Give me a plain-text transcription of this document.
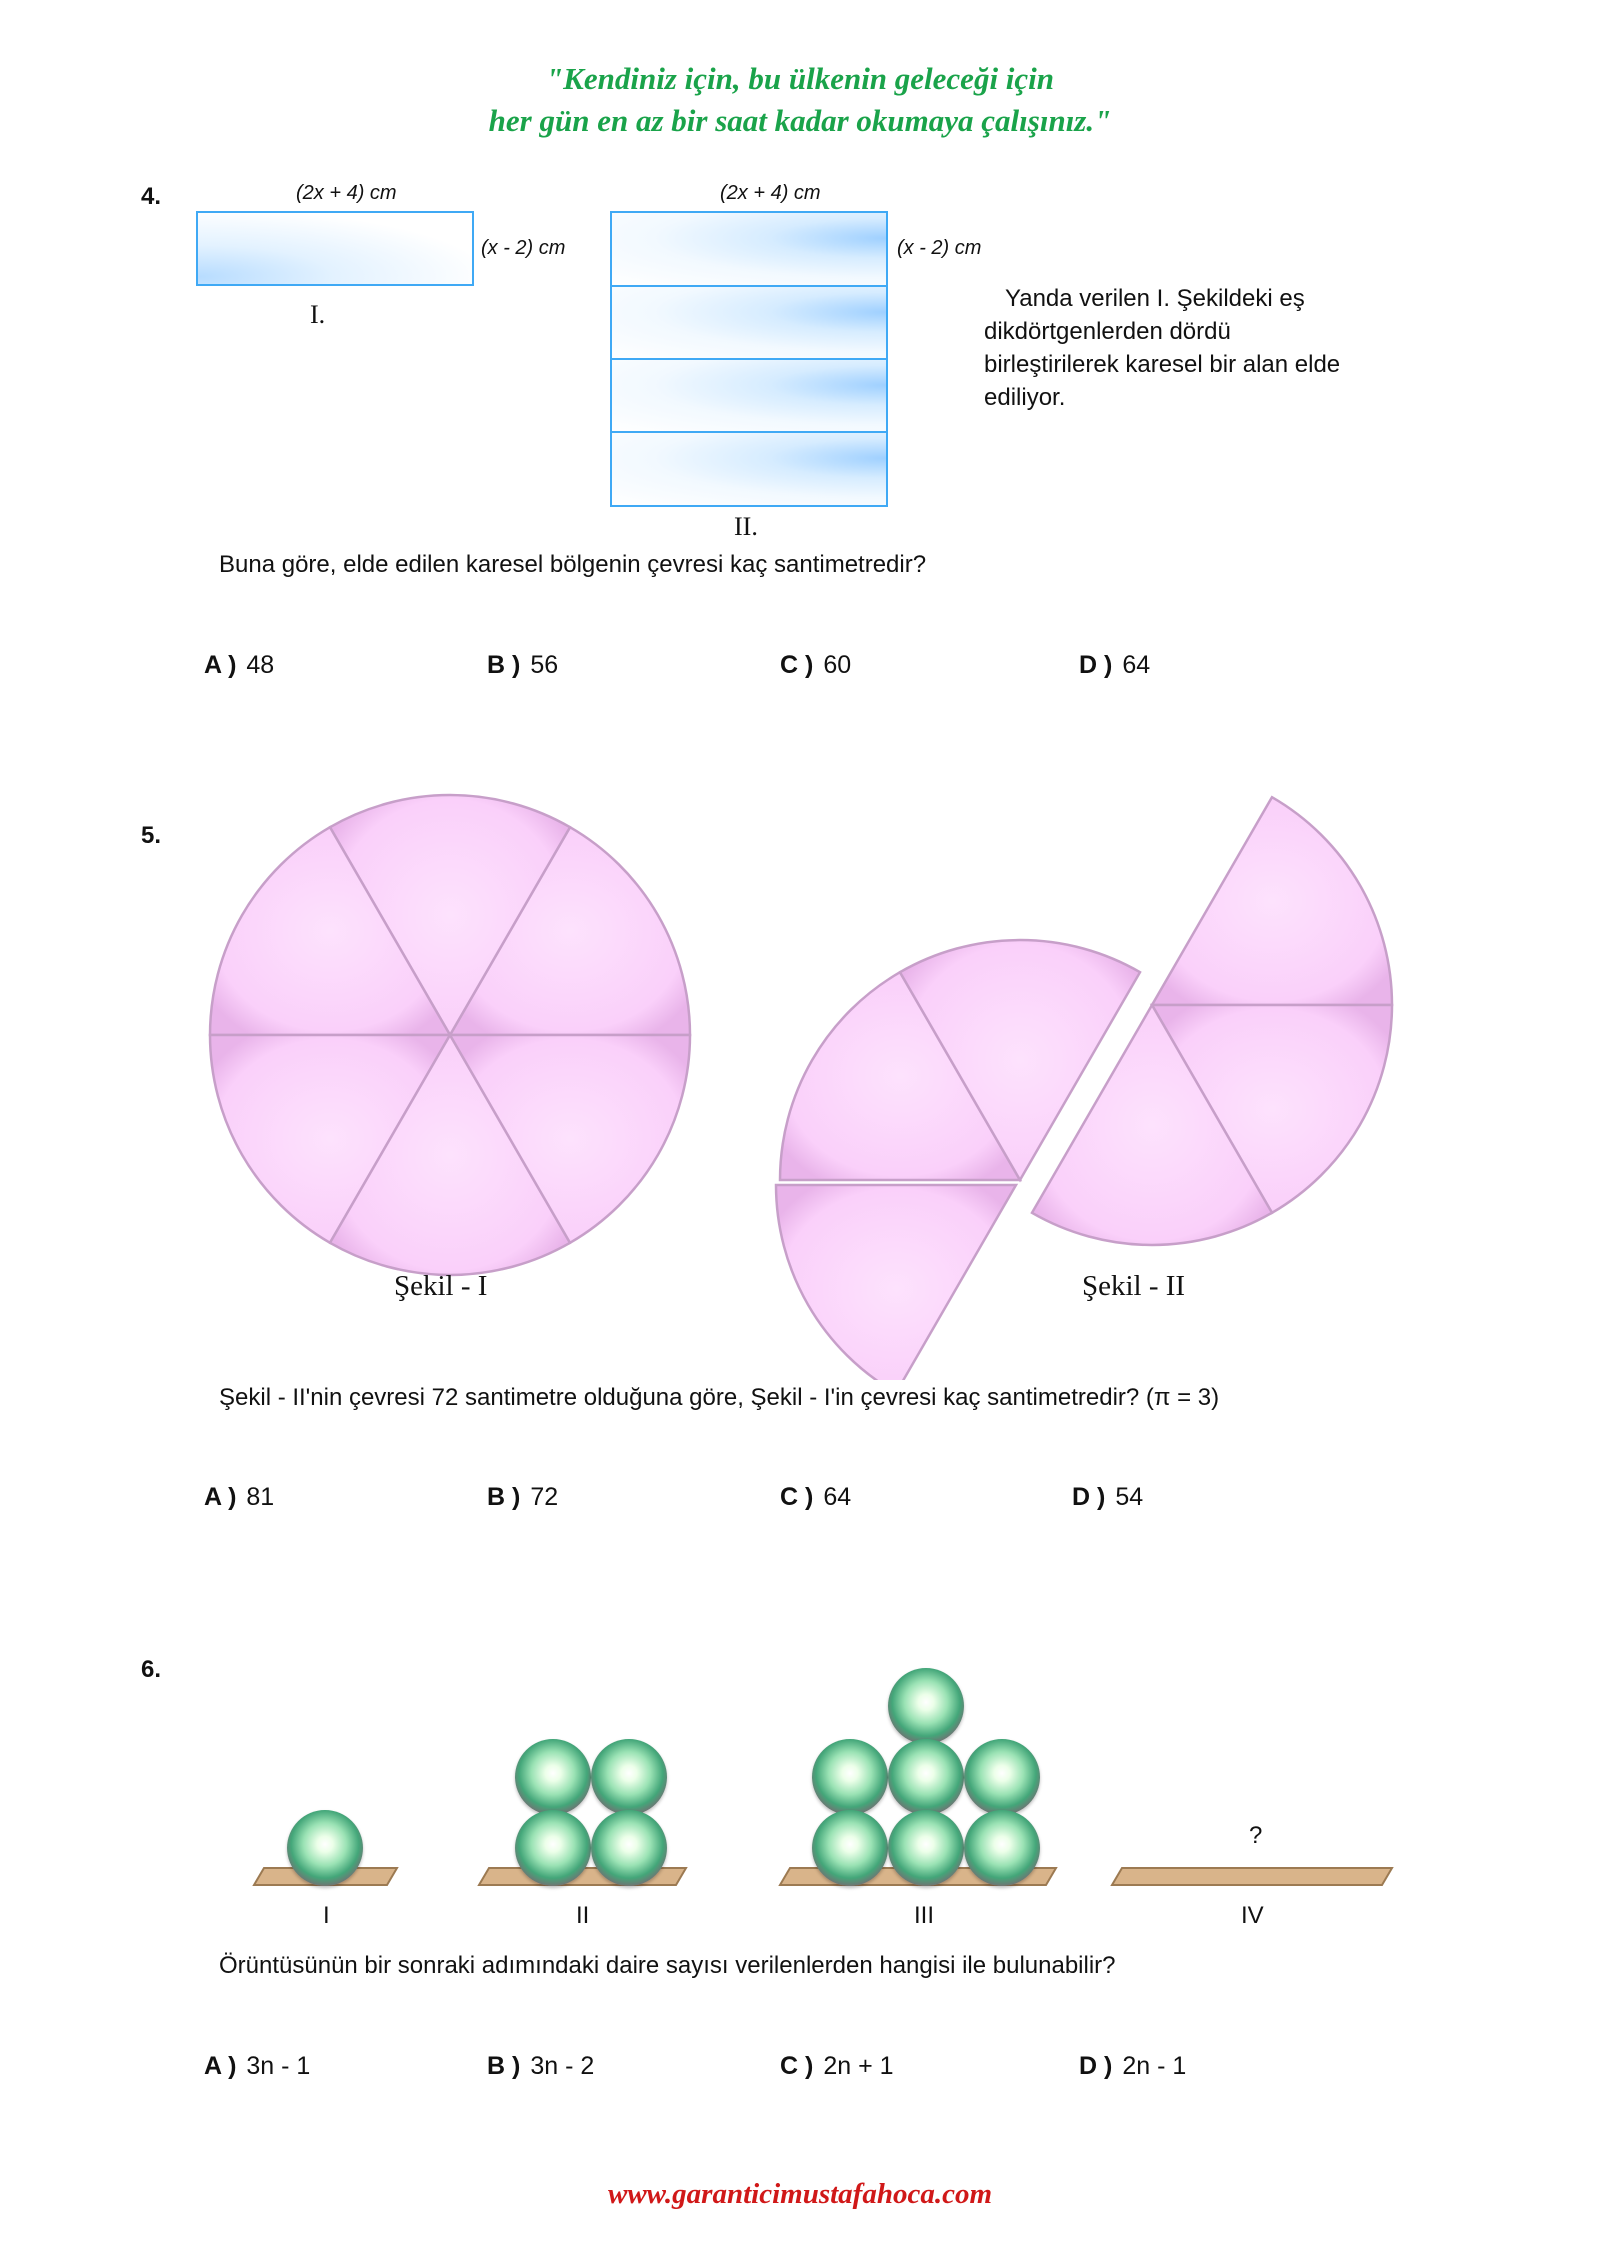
"Kendiniz için, bu ülkenin geleceği için
her gün en az bir saat kadar okumaya çalışınız."
4.	(2x + 4) cm
(x - 2) cm
I.
(2x + 4) cm
(x - 2) cm
II.
Yanda verilen I. Şekildeki eş
dikdörtgenlerden dördü
birleştirilerek karesel bir alan elde
ediliyor.
Buna göre, elde edilen karesel bölgenin çevresi kaç santimetredir?
A ) 48	B ) 56	C ) 60	D ) 64
5.
Şekil - I	Şekil - II
Şekil - II'nin çevresi 72 santimetre olduğuna göre, Şekil - I'in çevresi kaç santimetredir? (π = 3)
A ) 81	B ) 72	C ) 64	D ) 54
6.
?
I	II	III	IV
Örüntüsünün bir sonraki adımındaki daire sayısı verilenlerden hangisi ile bulunabilir?
A ) 3n - 1	B ) 3n - 2	C ) 2n + 1	D ) 2n - 1
www.garanticimustafahoca.com
